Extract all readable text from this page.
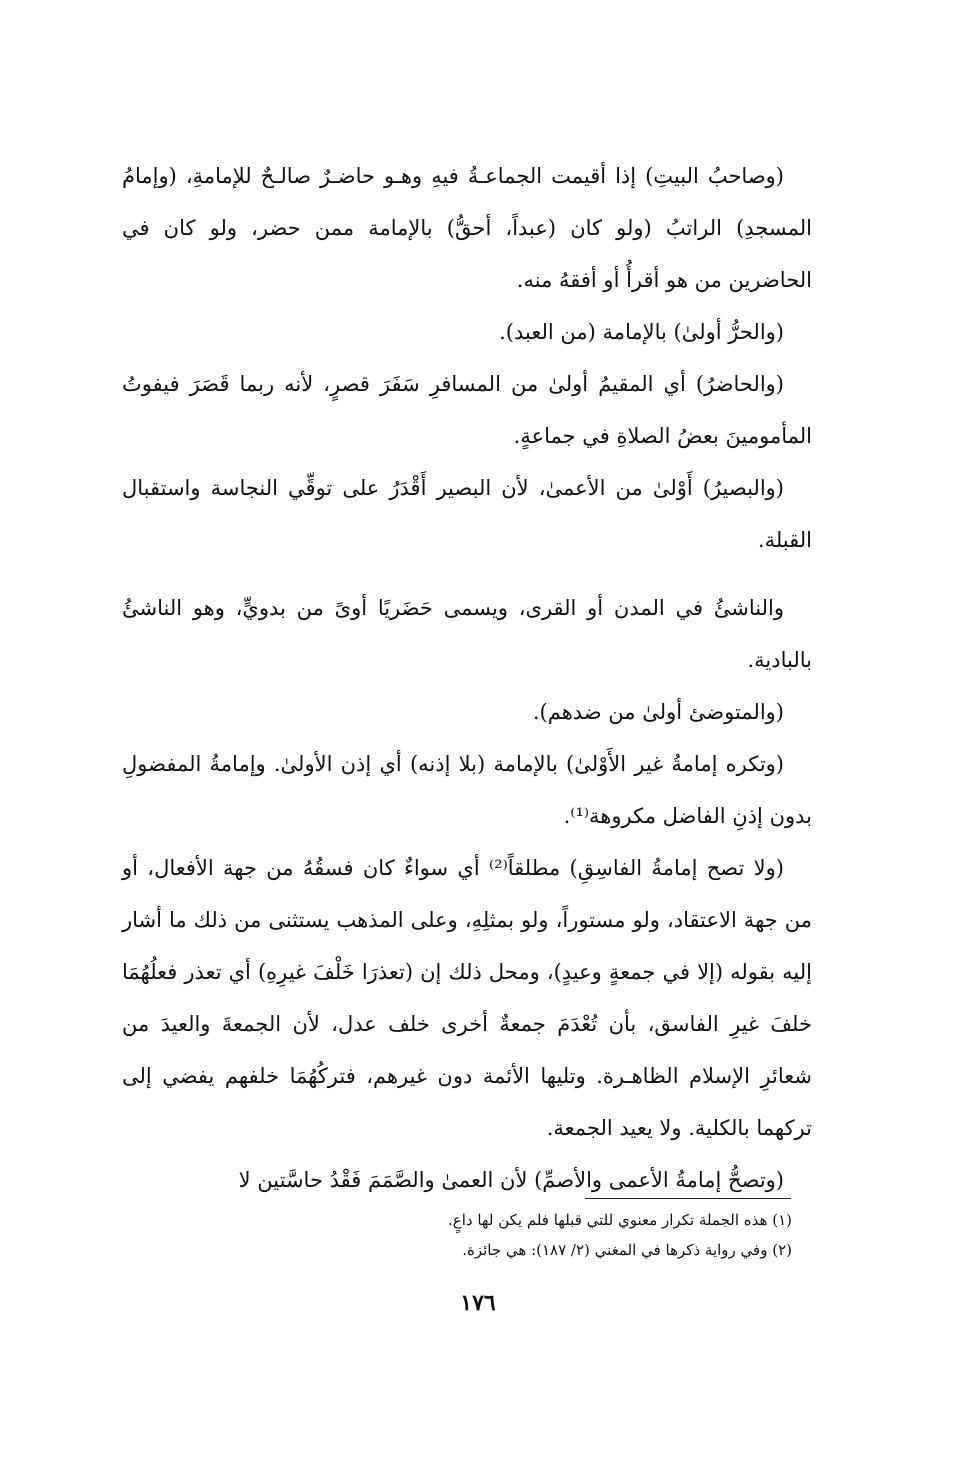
(وصاحبُ البيتِ) إذا أقيمت الجماعـةُ فيهِ وهـو حاضـرٌ صالـحٌ للإمامةِ، (وإمامُ المسجدِ) الراتبُ (ولو كان (عبداً، أحقُّ) بالإمامة ممن حضر، ولو كان في الحاضرين من هو أقرأُ أو أفقهُ منه.

(والحرُّ أولىٰ) بالإمامة (من العبد).

(والحاضرُ) أي المقيمُ أولىٰ من المسافرِ سَفَرَ قصرٍ، لأنه ربما قَصَرَ فيفوتُ المأمومينَ بعضُ الصلاةِ في جماعةٍ.

(والبصيرُ) أَوْلىٰ من الأعمىٰ، لأن البصير أَقْدَرُ على توقِّي النجاسة واستقبال القبلة.

والناشئُ في المدن أو القرى، ويسمى حَضَريًا أوىً من بدويٍّ، وهو الناشئُ بالبادية.

(والمتوضئ أولىٰ من ضدهم).

(وتكره إمامةُ غير الأَوْلىٰ) بالإمامة (بلا إذنه) أي إذن الأولىٰ. وإمامةُ المفضولِ بدون إذنِ الفاضل مكروهة⁽¹⁾.

(ولا تصح إمامةُ الفاسِقِ) مطلقاً⁽²⁾ أي سواءٌ كان فسقُهُ من جهة الأفعال، أو من جهة الاعتقاد، ولو مستوراً، ولو بمثلِهِ، وعلى المذهب يستثنى من ذلك ما أشار إليه بقوله (إلا في جمعةٍ وعيدٍ)، ومحل ذلك إن (تعذرَا خَلْفَ غيرِهِ) أي تعذر فعلُهُمَا خلفَ غيرِ الفاسق، بأن تُعْدَمَ جمعةٌ أخرى خلف عدل، لأن الجمعةَ والعيدَ من شعائرِ الإسلام الظاهـرة. وتليها الأئمة دون غيرهم، فتركُهُمَا خلفهم يفضي إلى تركهما بالكلية. ولا يعيد الجمعة.

(وتصحُّ إمامةُ الأعمى والأصمِّ) لأن العمىٰ والصَّمَمَ فَقْدُ حاسَّتين لا

(١) هذه الجملة تكرار معنوي للتي قبلها فلم يكن لها داعٍ.

(٢) وفي رواية ذكرها في المغني (٢/ ١٨٧): هي جائزة.

١٧٦
